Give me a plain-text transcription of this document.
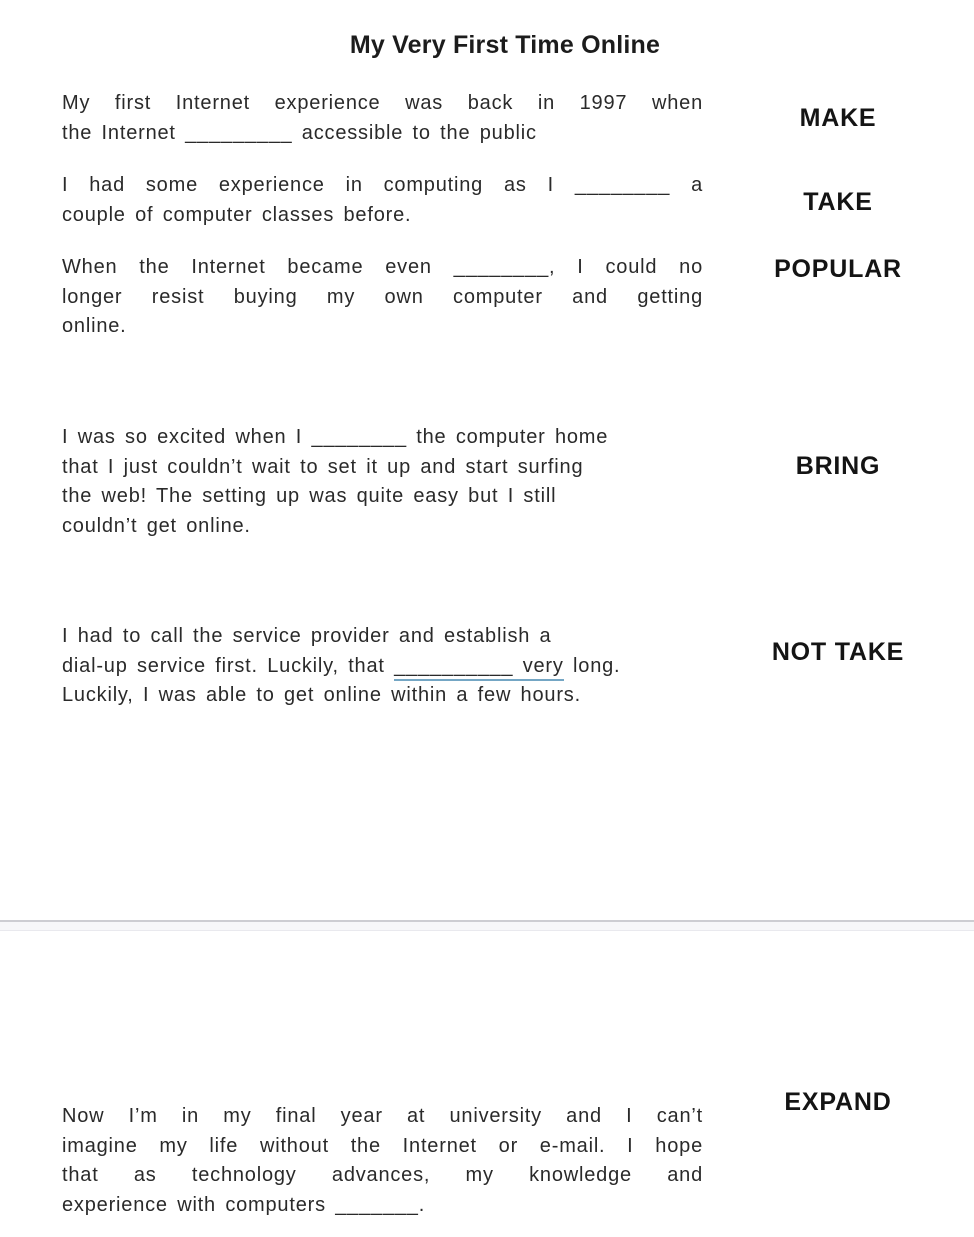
My Very First Time Online
My first Internet experience was back in 1997 when
the Internet _________ accessible to the public
MAKE
I had some experience in computing as I ________ a
couple of computer classes before.	TAKE
When the Internet became even ________, I could no
longer resist buying my own computer and getting
online.
POPULAR
I was so excited when I ________ the computer home
that I just couldn’t wait to set it up and start surfing
the web! The setting up was quite easy but I still
couldn’t get online.
BRING
I had to call the service provider and establish a
dial-up service first. Luckily, that __________ very long.
Luckily, I was able to get online within a few hours.
NOT TAKE
EXPAND
Now I’m in my final year at university and I can’t
imagine my life without the Internet or e-mail. I hope
that as technology advances, my knowledge and
experience with computers _______.
